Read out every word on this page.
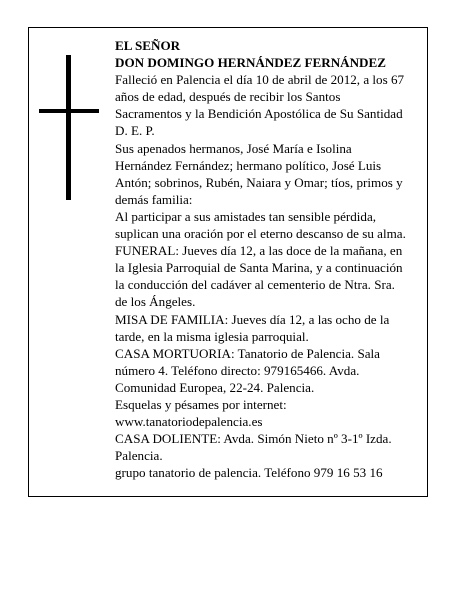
EL SEÑOR
DON DOMINGO HERNÁNDEZ FERNÁNDEZ
Falleció en Palencia el día 10 de abril de 2012, a los 67
años de edad, después de recibir los Santos
Sacramentos y la Bendición Apostólica de Su Santidad
D. E. P.
Sus apenados hermanos, José María e Isolina
Hernández Fernández; hermano político, José Luis
Antón; sobrinos, Rubén, Naiara y Omar; tíos, primos y
demás familia:
Al participar a sus amistades tan sensible pérdida,
suplican una oración por el eterno descanso de su alma.
FUNERAL: Jueves día 12, a las doce de la mañana, en
la Iglesia Parroquial de Santa Marina, y a continuación
la conducción del cadáver al cementerio de Ntra. Sra.
de los Ángeles.
MISA DE FAMILIA: Jueves día 12, a las ocho de la
tarde, en la misma iglesia parroquial.
CASA MORTUORIA: Tanatorio de Palencia. Sala
número 4. Teléfono directo: 979165466. Avda.
Comunidad Europea, 22-24. Palencia.
Esquelas y pésames por internet:
www.tanatoriodepalencia.es
CASA DOLIENTE: Avda. Simón Nieto nº 3-1º Izda.
Palencia.
grupo tanatorio de palencia. Teléfono 979 16 53 16
